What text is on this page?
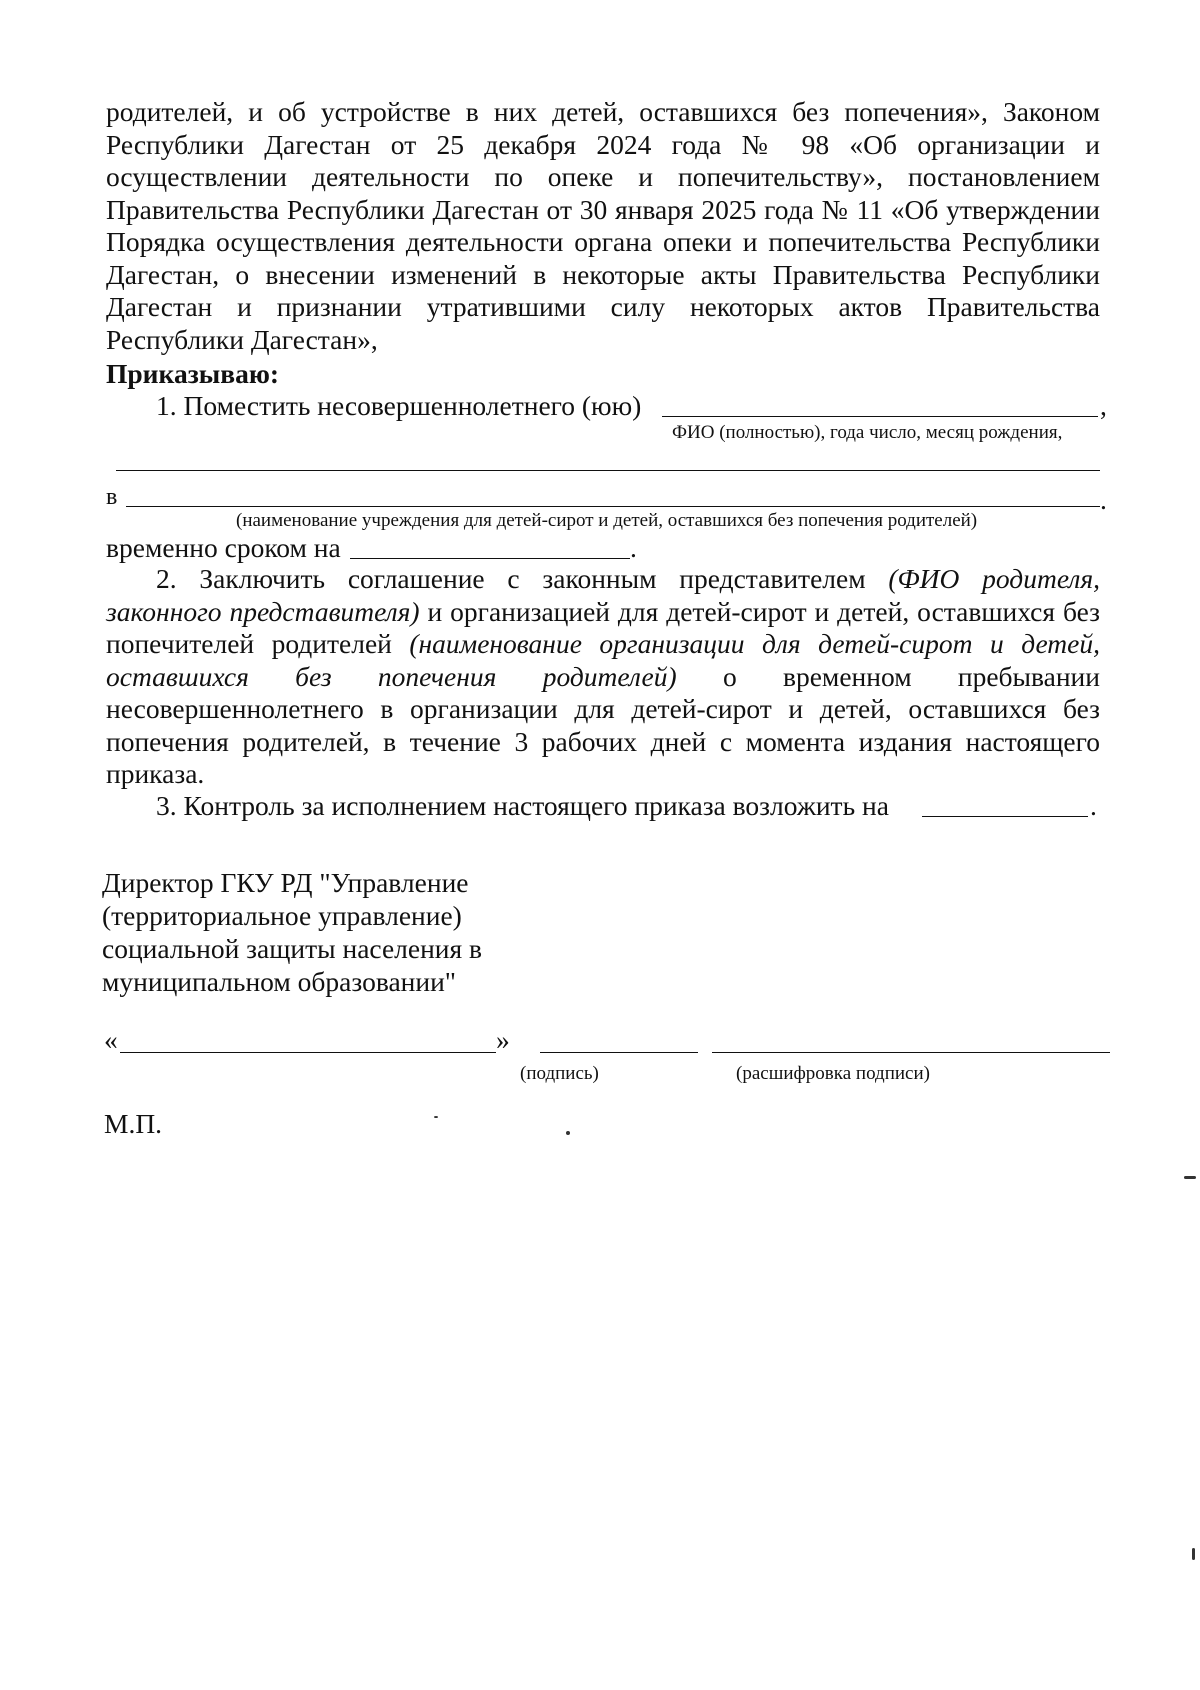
родителей, и об устройстве в них детей, оставшихся без попечения», Законом Республики Дагестан от 25 декабря 2024 года № 98 «Об организации и осуществлении деятельности по опеке и попечительству», постановлением Правительства Республики Дагестан от 30 января 2025 года № 11 «Об утверждении Порядка осуществления деятельности органа опеки и попечительства Республики Дагестан, о внесении изменений в некоторые акты Правительства Республики Дагестан и признании утратившими силу некоторых актов Правительства Республики Дагестан»,

Приказываю:

1. Поместить несовершеннолетнего (юю)	,

ФИО (полностью), года число, месяц рождения,

в	.

(наименование учреждения для детей-сирот и детей, оставшихся без попечения родителей)

временно сроком на	.

2. Заключить соглашение с законным представителем (ФИО родителя, законного представителя) и организацией для детей-сирот и детей, оставшихся без попечителей родителей (наименование организации для детей-сирот и детей, оставшихся без попечения родителей) о временном пребывании несовершеннолетнего в организации для детей-сирот и детей, оставшихся без попечения родителей, в течение 3 рабочих дней с момента издания настоящего приказа.

3. Контроль за исполнением настоящего приказа возложить на	.

Директор ГКУ РД "Управление
(территориальное управление)
социальной защиты населения в
муниципальном образовании"

«	»

(подпись)	(расшифровка подписи)

М.П.
